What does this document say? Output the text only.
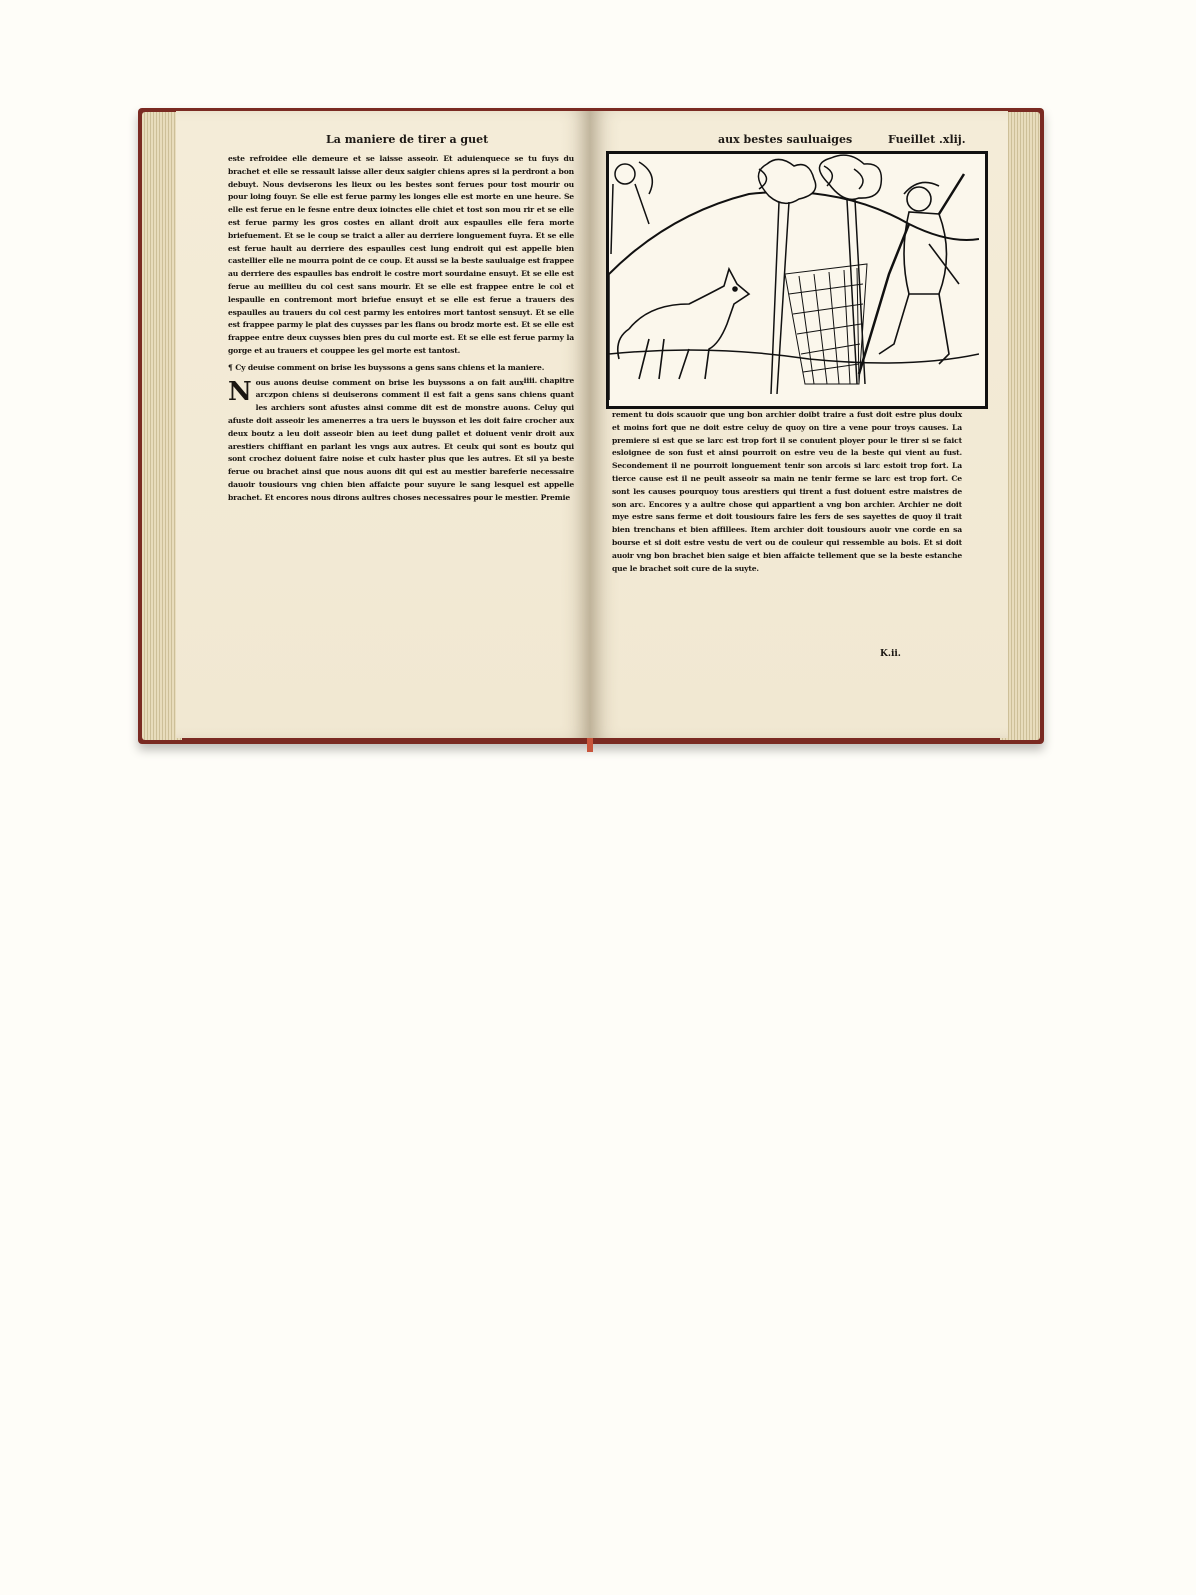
La maniere de tirer a guet

este refroidee elle demeure et se laisse asseoir. Et aduienquece se tu fuys du brachet et elle se ressault laisse aller deux saigier chiens apres si la perdront a bon debuyt. Nous deviserons les lieux ou les bestes sont ferues pour tost mourir ou pour loing fouyr. Se elle est ferue parmy les longes elle est morte en une heure. Se elle est ferue en le fesne entre deux ioinctes elle chiet et tost son mou rir et se elle est ferue parmy les gros costes en allant droit aux espaulles elle fera morte briefuement. Et se le coup se traict a aller au derriere longuement fuyra. Et se elle est ferue hault au derriere des espaulles cest lung endroit qui est appelle bien castellier elle ne mourra point de ce coup. Et aussi se la beste sauluaige est frappee au derriere des espaulles bas endroit le costre mort sourdaine ensuyt. Et se elle est ferue au meillieu du col cest sans mourir. Et se elle est frappee entre le col et lespaulle en contremont mort briefue ensuyt et se elle est ferue a trauers des espaulles au trauers du col cest parmy les entoires mort tantost sensuyt. Et se elle est frappee parmy le plat des cuysses par les flans ou brodz morte est. Et se elle est frappee entre deux cuysses bien pres du cul morte est. Et se elle est ferue parmy la gorge et au trauers et couppee les gel morte est tantost.

¶ Cy deuise comment on brise les buyssons a gens sans chiens et la maniere.
iiii. chapitre

Nous auons deuise comment on brise les buyssons a on fait aux arczpon chiens si deuiserons comment il est fait a gens sans chiens quant les archiers sont afustes ainsi comme dit est de monstre auons. Celuy qui afuste doit asseoir les amenerres a tra uers le buysson et les doit faire crocher aux deux boutz a leu doit asseoir bien au ieet dung pallet et doiuent venir droit aux arestiers chiffiant en parlant les vngs aux autres. Et ceulx qui sont es boutz qui sont crochez doiuent faire noise et culx haster plus que les autres. Et sil ya beste ferue ou brachet ainsi que nous auons dit qui est au mestier bareferie necessaire dauoir tousiours vng chien bien affaicte pour suyure le sang lesquel est appelle brachet. Et encores nous dirons aultres choses necessaires pour le mestier. Premie

aux bestes sauluaiges	Fueillet .xlij.

rement tu dois scauoir que ung bon archier doibt traire a fust doit estre plus doulx et moins fort que ne doit estre celuy de quoy on tire a vene pour troys causes. La premiere si est que se larc est trop fort il se conuient ployer pour le tirer si se faict esloignee de son fust et ainsi pourroit on estre veu de la beste qui vient au fust. Secondement il ne pourroit longuement tenir son arcois si larc estoit trop fort. La tierce cause est il ne peult asseoir sa main ne tenir ferme se larc est trop fort. Ce sont les causes pourquoy tous arestiers qui tirent a fust doiuent estre maistres de son arc. Encores y a aultre chose qui appartient a vng bon archier. Archier ne doit mye estre sans ferme et doit tousiours faire les fers de ses sayettes de quoy il trait bien trenchans et bien affillees. Item archier doit tousiours auoir vne corde en sa bourse et si doit estre vestu de vert ou de couleur qui ressemble au bois. Et si doit auoir vng bon brachet bien saige et bien affaicte tellement que se la beste estanche que le brachet soit cure de la suyte.

K.ii.
